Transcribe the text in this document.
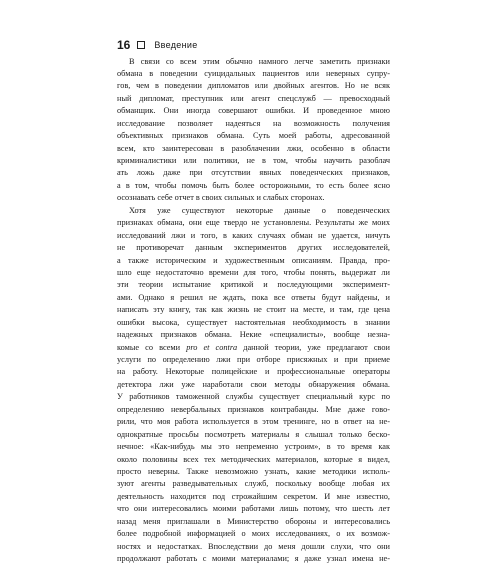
16	Введение
В связи со всем этим обычно намного легче заметить признаки
обмана в поведении суицидальных пациентов или неверных супру-
гов, чем в поведении дипломатов или двойных агентов. Но не всяк
ный дипломат, преступник или агент спецслужб — превосходный
обманщик. Они иногда совершают ошибки. И проведенное мною
исследование позволяет надеяться на возможность получения
объективных признаков обмана. Суть моей работы, адресованной
всем, кто заинтересован в разоблачении лжи, особенно в области
криминалистики или политики, не в том, чтобы научить разоблач
ать ложь даже при отсутствии явных поведенческих признаков,
а в том, чтобы помочь быть более осторожными, то есть более ясно
осознавать себе отчет в своих сильных и слабых сторонах.
Хотя уже существуют некоторые данные о поведенческих
признаках обмана, они еще твердо не установлены. Результаты же моих
исследований лжи и того, в каких случаях обман не удается, ничуть
не противоречат данным экспериментов других исследователей,
а также историческим и художественным описаниям. Правда, про-
шло еще недостаточно времени для того, чтобы понять, выдержат ли
эти теории испытание критикой и последующими эксперимент-
ами. Однако я решил не ждать, пока все ответы будут найдены, и
написать эту книгу, так как жизнь не стоит на месте, и там, где цена
ошибки высока, существует настоятельная необходимость в знании
надежных признаков обмана. Некие «специалисты», вообще незна-
комые со всеми pro et contra данной теории, уже предлагают свои
услуги по определению лжи при отборе присяжных и при приеме
на работу. Некоторые полицейские и профессиональные операторы
детектора лжи уже наработали свои методы обнаружения обмана.
У работников таможенной службы существует специальный курс по
определению невербальных признаков контрабанды. Мне даже гово-
рили, что моя работа используется в этом тренинге, но в ответ на не-
однократные просьбы посмотреть материалы я слышал только беско-
нечное: «Как-нибудь мы это непременно устроим», в то время как
около половины всех тех методических материалов, которые я видел,
просто неверны. Также невозможно узнать, какие методики исполь-
зуют агенты разведывательных служб, поскольку вообще любая их
деятельность находится под строжайшим секретом. И мне известно,
что они интересовались моими работами лишь потому, что шесть лет
назад меня приглашали в Министерство обороны и интересовались
более подробной информацией о моих исследованиях, о их возмож-
ностях и недостатках. Впоследствии до меня дошли слухи, что они
продолжают работать с моими материалами; я даже узнал имена не-
